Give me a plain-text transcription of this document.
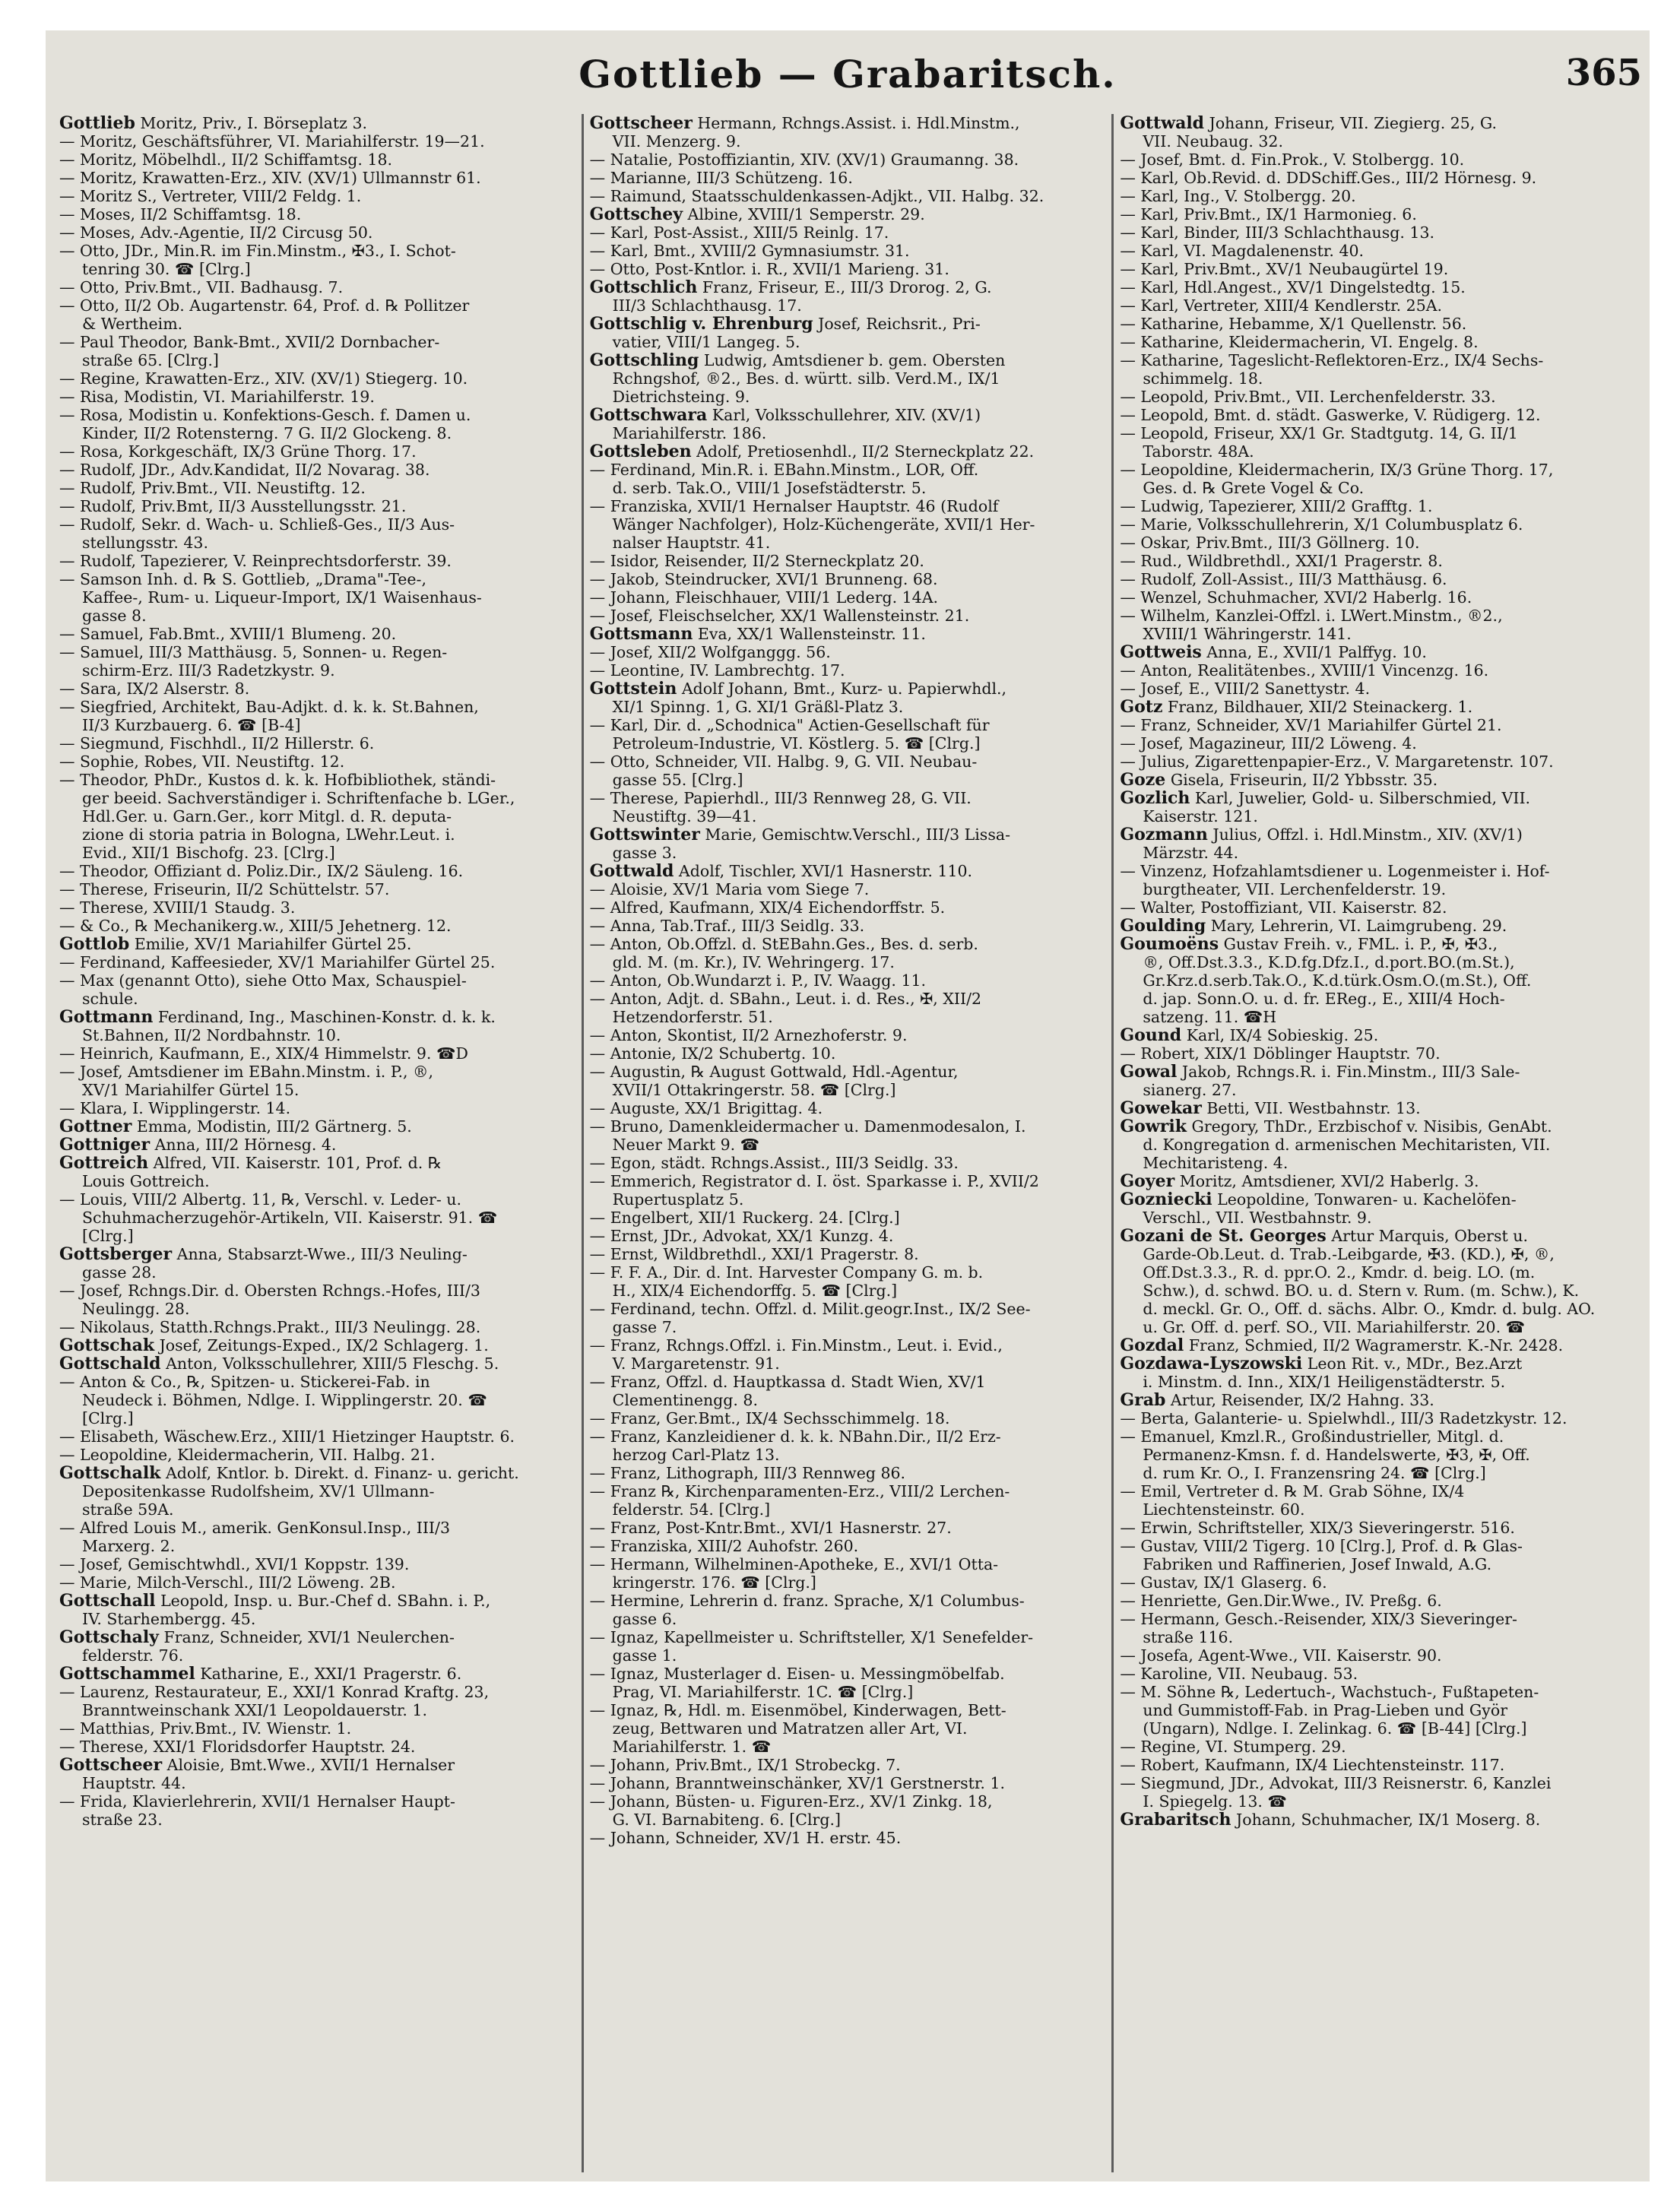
Gottlieb — Grabaritsch.	365
Gottlieb Moritz, Priv., I. Börseplatz 3.
— Moritz, Geschäftsführer, VI. Mariahilferstr. 19—21.
— Moritz, Möbelhdl., II/2 Schiffamtsg. 18.
— Moritz, Krawatten-Erz., XIV. (XV/1) Ullmannstr 61.
— Moritz S., Vertreter, VIII/2 Feldg. 1.
— Moses, II/2 Schiffamtsg. 18.
— Moses, Adv.-Agentie, II/2 Circusg 50.
— Otto, JDr., Min.R. im Fin.Minstm., ✠3., I. Schot-
tenring 30. ☎ [Clrg.]
— Otto, Priv.Bmt., VII. Badhausg. 7.
— Otto, II/2 Ob. Augartenstr. 64, Prof. d. ℞ Pollitzer
& Wertheim.
— Paul Theodor, Bank-Bmt., XVII/2 Dornbacher-
straße 65. [Clrg.]
— Regine, Krawatten-Erz., XIV. (XV/1) Stiegerg. 10.
— Risa, Modistin, VI. Mariahilferstr. 19.
— Rosa, Modistin u. Konfektions-Gesch. f. Damen u.
Kinder, II/2 Rotensterng. 7 G. II/2 Glockeng. 8.
— Rosa, Korkgeschäft, IX/3 Grüne Thorg. 17.
— Rudolf, JDr., Adv.Kandidat, II/2 Novarag. 38.
— Rudolf, Priv.Bmt., VII. Neustiftg. 12.
— Rudolf, Priv.Bmt, II/3 Ausstellungsstr. 21.
— Rudolf, Sekr. d. Wach- u. Schließ-Ges., II/3 Aus-
stellungsstr. 43.
— Rudolf, Tapezierer, V. Reinprechtsdorferstr. 39.
— Samson Inh. d. ℞ S. Gottlieb, „Drama"-Tee-,
Kaffee-, Rum- u. Liqueur-Import, IX/1 Waisenhaus-
gasse 8.
— Samuel, Fab.Bmt., XVIII/1 Blumeng. 20.
— Samuel, III/3 Matthäusg. 5, Sonnen- u. Regen-
schirm-Erz. III/3 Radetzkystr. 9.
— Sara, IX/2 Alserstr. 8.
— Siegfried, Architekt, Bau-Adjkt. d. k. k. St.Bahnen,
II/3 Kurzbauerg. 6. ☎ [B-4]
— Siegmund, Fischhdl., II/2 Hillerstr. 6.
— Sophie, Robes, VII. Neustiftg. 12.
— Theodor, PhDr., Kustos d. k. k. Hofbibliothek, ständi-
ger beeid. Sachverständiger i. Schriftenfache b. LGer.,
Hdl.Ger. u. Garn.Ger., korr Mitgl. d. R. deputa-
zione di storia patria in Bologna, LWehr.Leut. i.
Evid., XII/1 Bischofg. 23. [Clrg.]
— Theodor, Offiziant d. Poliz.Dir., IX/2 Säuleng. 16.
— Therese, Friseurin, II/2 Schüttelstr. 57.
— Therese, XVIII/1 Staudg. 3.
— & Co., ℞ Mechanikerg.w., XIII/5 Jehetnerg. 12.
Gottlob Emilie, XV/1 Mariahilfer Gürtel 25.
— Ferdinand, Kaffeesieder, XV/1 Mariahilfer Gürtel 25.
— Max (genannt Otto), siehe Otto Max, Schauspiel-
schule.
Gottmann Ferdinand, Ing., Maschinen-Konstr. d. k. k.
St.Bahnen, II/2 Nordbahnstr. 10.
— Heinrich, Kaufmann, E., XIX/4 Himmelstr. 9. ☎D
— Josef, Amtsdiener im EBahn.Minstm. i. P., ®,
XV/1 Mariahilfer Gürtel 15.
— Klara, I. Wipplingerstr. 14.
Gottner Emma, Modistin, III/2 Gärtnerg. 5.
Gottniger Anna, III/2 Hörnesg. 4.
Gottreich Alfred, VII. Kaiserstr. 101, Prof. d. ℞
Louis Gottreich.
— Louis, VIII/2 Albertg. 11, ℞, Verschl. v. Leder- u.
Schuhmacherzugehör-Artikeln, VII. Kaiserstr. 91. ☎
[Clrg.]
Gottsberger Anna, Stabsarzt-Wwe., III/3 Neuling-
gasse 28.
— Josef, Rchngs.Dir. d. Obersten Rchngs.-Hofes, III/3
Neulingg. 28.
— Nikolaus, Statth.Rchngs.Prakt., III/3 Neulingg. 28.
Gottschak Josef, Zeitungs-Exped., IX/2 Schlagerg. 1.
Gottschald Anton, Volksschullehrer, XIII/5 Fleschg. 5.
— Anton & Co., ℞, Spitzen- u. Stickerei-Fab. in
Neudeck i. Böhmen, Ndlge. I. Wipplingerstr. 20. ☎
[Clrg.]
— Elisabeth, Wäschew.Erz., XIII/1 Hietzinger Hauptstr. 6.
— Leopoldine, Kleidermacherin, VII. Halbg. 21.
Gottschalk Adolf, Kntlor. b. Direkt. d. Finanz- u. gericht.
Depositenkasse Rudolfsheim, XV/1 Ullmann-
straße 59A.
— Alfred Louis M., amerik. GenKonsul.Insp., III/3
Marxerg. 2.
— Josef, Gemischtwhdl., XVI/1 Koppstr. 139.
— Marie, Milch-Verschl., III/2 Löweng. 2B.
Gottschall Leopold, Insp. u. Bur.-Chef d. SBahn. i. P.,
IV. Starhembergg. 45.
Gottschaly Franz, Schneider, XVI/1 Neulerchen-
felderstr. 76.
Gottschammel Katharine, E., XXI/1 Pragerstr. 6.
— Laurenz, Restaurateur, E., XXI/1 Konrad Kraftg. 23,
Branntweinschank XXI/1 Leopoldauerstr. 1.
— Matthias, Priv.Bmt., IV. Wienstr. 1.
— Therese, XXI/1 Floridsdorfer Hauptstr. 24.
Gottscheer Aloisie, Bmt.Wwe., XVII/1 Hernalser
Hauptstr. 44.
— Frida, Klavierlehrerin, XVII/1 Hernalser Haupt-
straße 23.
Gottscheer Hermann, Rchngs.Assist. i. Hdl.Minstm.,
VII. Menzerg. 9.
— Natalie, Postoffiziantin, XIV. (XV/1) Graumanng. 38.
— Marianne, III/3 Schützeng. 16.
— Raimund, Staatsschuldenkassen-Adjkt., VII. Halbg. 32.
Gottschey Albine, XVIII/1 Semperstr. 29.
— Karl, Post-Assist., XIII/5 Reinlg. 17.
— Karl, Bmt., XVIII/2 Gymnasiumstr. 31.
— Otto, Post-Kntlor. i. R., XVII/1 Marieng. 31.
Gottschlich Franz, Friseur, E., III/3 Drorog. 2, G.
III/3 Schlachthausg. 17.
Gottschlig v. Ehrenburg Josef, Reichsrit., Pri-
vatier, VIII/1 Langeg. 5.
Gottschling Ludwig, Amtsdiener b. gem. Obersten
Rchngshof, ®2., Bes. d. württ. silb. Verd.M., IX/1
Dietrichsteing. 9.
Gottschwara Karl, Volksschullehrer, XIV. (XV/1)
Mariahilferstr. 186.
Gottsleben Adolf, Pretiosenhdl., II/2 Sterneckplatz 22.
— Ferdinand, Min.R. i. EBahn.Minstm., LOR, Off.
d. serb. Tak.O., VIII/1 Josefstädterstr. 5.
— Franziska, XVII/1 Hernalser Hauptstr. 46 (Rudolf
Wänger Nachfolger), Holz-Küchengeräte, XVII/1 Her-
nalser Hauptstr. 41.
— Isidor, Reisender, II/2 Sterneckplatz 20.
— Jakob, Steindrucker, XVI/1 Brunneng. 68.
— Johann, Fleischhauer, VIII/1 Lederg. 14A.
— Josef, Fleischselcher, XX/1 Wallensteinstr. 21.
Gottsmann Eva, XX/1 Wallensteinstr. 11.
— Josef, XII/2 Wolfganggg. 56.
— Leontine, IV. Lambrechtg. 17.
Gottstein Adolf Johann, Bmt., Kurz- u. Papierwhdl.,
XI/1 Spinng. 1, G. XI/1 Gräßl-Platz 3.
— Karl, Dir. d. „Schodnica" Actien-Gesellschaft für
Petroleum-Industrie, VI. Köstlerg. 5. ☎ [Clrg.]
— Otto, Schneider, VII. Halbg. 9, G. VII. Neubau-
gasse 55. [Clrg.]
— Therese, Papierhdl., III/3 Rennweg 28, G. VII.
Neustiftg. 39—41.
Gottswinter Marie, Gemischtw.Verschl., III/3 Lissa-
gasse 3.
Gottwald Adolf, Tischler, XVI/1 Hasnerstr. 110.
— Aloisie, XV/1 Maria vom Siege 7.
— Alfred, Kaufmann, XIX/4 Eichendorffstr. 5.
— Anna, Tab.Traf., III/3 Seidlg. 33.
— Anton, Ob.Offzl. d. StEBahn.Ges., Bes. d. serb.
gld. M. (m. Kr.), IV. Wehringerg. 17.
— Anton, Ob.Wundarzt i. P., IV. Waagg. 11.
— Anton, Adjt. d. SBahn., Leut. i. d. Res., ✠, XII/2
Hetzendorferstr. 51.
— Anton, Skontist, II/2 Arnezhoferstr. 9.
— Antonie, IX/2 Schubertg. 10.
— Augustin, ℞ August Gottwald, Hdl.-Agentur,
XVII/1 Ottakringerstr. 58. ☎ [Clrg.]
— Auguste, XX/1 Brigittag. 4.
— Bruno, Damenkleidermacher u. Damenmodesalon, I.
Neuer Markt 9. ☎
— Egon, städt. Rchngs.Assist., III/3 Seidlg. 33.
— Emmerich, Registrator d. I. öst. Sparkasse i. P., XVII/2
Rupertusplatz 5.
— Engelbert, XII/1 Ruckerg. 24. [Clrg.]
— Ernst, JDr., Advokat, XX/1 Kunzg. 4.
— Ernst, Wildbrethdl., XXI/1 Pragerstr. 8.
— F. F. A., Dir. d. Int. Harvester Company G. m. b.
H., XIX/4 Eichendorffg. 5. ☎ [Clrg.]
— Ferdinand, techn. Offzl. d. Milit.geogr.Inst., IX/2 See-
gasse 7.
— Franz, Rchngs.Offzl. i. Fin.Minstm., Leut. i. Evid.,
V. Margaretenstr. 91.
— Franz, Offzl. d. Hauptkassa d. Stadt Wien, XV/1
Clementinengg. 8.
— Franz, Ger.Bmt., IX/4 Sechsschimmelg. 18.
— Franz, Kanzleidiener d. k. k. NBahn.Dir., II/2 Erz-
herzog Carl-Platz 13.
— Franz, Lithograph, III/3 Rennweg 86.
— Franz ℞, Kirchenparamenten-Erz., VIII/2 Lerchen-
felderstr. 54. [Clrg.]
— Franz, Post-Kntr.Bmt., XVI/1 Hasnerstr. 27.
— Franziska, XIII/2 Auhofstr. 260.
— Hermann, Wilhelminen-Apotheke, E., XVI/1 Otta-
kringerstr. 176. ☎ [Clrg.]
— Hermine, Lehrerin d. franz. Sprache, X/1 Columbus-
gasse 6.
— Ignaz, Kapellmeister u. Schriftsteller, X/1 Senefelder-
gasse 1.
— Ignaz, Musterlager d. Eisen- u. Messingmöbelfab.
Prag, VI. Mariahilferstr. 1C. ☎ [Clrg.]
— Ignaz, ℞, Hdl. m. Eisenmöbel, Kinderwagen, Bett-
zeug, Bettwaren und Matratzen aller Art, VI.
Mariahilferstr. 1. ☎
— Johann, Priv.Bmt., IX/1 Strobeckg. 7.
— Johann, Branntweinschänker, XV/1 Gerstnerstr. 1.
— Johann, Büsten- u. Figuren-Erz., XV/1 Zinkg. 18,
G. VI. Barnabiteng. 6. [Clrg.]
— Johann, Schneider, XV/1 H. erstr. 45.
Gottwald Johann, Friseur, VII. Ziegierg. 25, G.
VII. Neubaug. 32.
— Josef, Bmt. d. Fin.Prok., V. Stolbergg. 10.
— Karl, Ob.Revid. d. DDSchiff.Ges., III/2 Hörnesg. 9.
— Karl, Ing., V. Stolbergg. 20.
— Karl, Priv.Bmt., IX/1 Harmonieg. 6.
— Karl, Binder, III/3 Schlachthausg. 13.
— Karl, VI. Magdalenenstr. 40.
— Karl, Priv.Bmt., XV/1 Neubaugürtel 19.
— Karl, Hdl.Angest., XV/1 Dingelstedtg. 15.
— Karl, Vertreter, XIII/4 Kendlerstr. 25A.
— Katharine, Hebamme, X/1 Quellenstr. 56.
— Katharine, Kleidermacherin, VI. Engelg. 8.
— Katharine, Tageslicht-Reflektoren-Erz., IX/4 Sechs-
schimmelg. 18.
— Leopold, Priv.Bmt., VII. Lerchenfelderstr. 33.
— Leopold, Bmt. d. städt. Gaswerke, V. Rüdigerg. 12.
— Leopold, Friseur, XX/1 Gr. Stadtgutg. 14, G. II/1
Taborstr. 48A.
— Leopoldine, Kleidermacherin, IX/3 Grüne Thorg. 17,
Ges. d. ℞ Grete Vogel & Co.
— Ludwig, Tapezierer, XIII/2 Grafftg. 1.
— Marie, Volksschullehrerin, X/1 Columbusplatz 6.
— Oskar, Priv.Bmt., III/3 Göllnerg. 10.
— Rud., Wildbrethdl., XXI/1 Pragerstr. 8.
— Rudolf, Zoll-Assist., III/3 Matthäusg. 6.
— Wenzel, Schuhmacher, XVI/2 Haberlg. 16.
— Wilhelm, Kanzlei-Offzl. i. LWert.Minstm., ®2.,
XVIII/1 Währingerstr. 141.
Gottweis Anna, E., XVII/1 Palffyg. 10.
— Anton, Realitätenbes., XVIII/1 Vincenzg. 16.
— Josef, E., VIII/2 Sanettystr. 4.
Gotz Franz, Bildhauer, XII/2 Steinackerg. 1.
— Franz, Schneider, XV/1 Mariahilfer Gürtel 21.
— Josef, Magazineur, III/2 Löweng. 4.
— Julius, Zigarettenpapier-Erz., V. Margaretenstr. 107.
Goze Gisela, Friseurin, II/2 Ybbsstr. 35.
Gozlich Karl, Juwelier, Gold- u. Silberschmied, VII.
Kaiserstr. 121.
Gozmann Julius, Offzl. i. Hdl.Minstm., XIV. (XV/1)
Märzstr. 44.
— Vinzenz, Hofzahlamtsdiener u. Logenmeister i. Hof-
burgtheater, VII. Lerchenfelderstr. 19.
— Walter, Postoffiziant, VII. Kaiserstr. 82.
Goulding Mary, Lehrerin, VI. Laimgrubeng. 29.
Goumoëns Gustav Freih. v., FML. i. P., ✠, ✠3.,
®, Off.Dst.3.3., K.D.fg.Dfz.I., d.port.BO.(m.St.),
Gr.Krz.d.serb.Tak.O., K.d.türk.Osm.O.(m.St.), Off.
d. jap. Sonn.O. u. d. fr. EReg., E., XIII/4 Hoch-
satzeng. 11. ☎H
Gound Karl, IX/4 Sobieskig. 25.
— Robert, XIX/1 Döblinger Hauptstr. 70.
Gowal Jakob, Rchngs.R. i. Fin.Minstm., III/3 Sale-
sianerg. 27.
Gowekar Betti, VII. Westbahnstr. 13.
Gowrik Gregory, ThDr., Erzbischof v. Nisibis, GenAbt.
d. Kongregation d. armenischen Mechitaristen, VII.
Mechitaristeng. 4.
Goyer Moritz, Amtsdiener, XVI/2 Haberlg. 3.
Gozniecki Leopoldine, Tonwaren- u. Kachelöfen-
Verschl., VII. Westbahnstr. 9.
Gozani de St. Georges Artur Marquis, Oberst u.
Garde-Ob.Leut. d. Trab.-Leibgarde, ✠3. (KD.), ✠, ®,
Off.Dst.3.3., R. d. ppr.O. 2., Kmdr. d. beig. LO. (m.
Schw.), d. schwd. BO. u. d. Stern v. Rum. (m. Schw.), K.
d. meckl. Gr. O., Off. d. sächs. Albr. O., Kmdr. d. bulg. AO.
u. Gr. Off. d. perf. SO., VII. Mariahilferstr. 20. ☎
Gozdal Franz, Schmied, II/2 Wagramerstr. K.-Nr. 2428.
Gozdawa-Lyszowski Leon Rit. v., MDr., Bez.Arzt
i. Minstm. d. Inn., XIX/1 Heiligenstädterstr. 5.
Grab Artur, Reisender, IX/2 Hahng. 33.
— Berta, Galanterie- u. Spielwhdl., III/3 Radetzkystr. 12.
— Emanuel, Kmzl.R., Großindustrieller, Mitgl. d.
Permanenz-Kmsn. f. d. Handelswerte, ✠3, ✠, Off.
d. rum Kr. O., I. Franzensring 24. ☎ [Clrg.]
— Emil, Vertreter d. ℞ M. Grab Söhne, IX/4
Liechtensteinstr. 60.
— Erwin, Schriftsteller, XIX/3 Sieveringerstr. 516.
— Gustav, VIII/2 Tigerg. 10 [Clrg.], Prof. d. ℞ Glas-
Fabriken und Raffinerien, Josef Inwald, A.G.
— Gustav, IX/1 Glaserg. 6.
— Henriette, Gen.Dir.Wwe., IV. Preßg. 6.
— Hermann, Gesch.-Reisender, XIX/3 Sieveringer-
straße 116.
— Josefa, Agent-Wwe., VII. Kaiserstr. 90.
— Karoline, VII. Neubaug. 53.
— M. Söhne ℞, Ledertuch-, Wachstuch-, Fußtapeten-
und Gummistoff-Fab. in Prag-Lieben und Györ
(Ungarn), Ndlge. I. Zelinkag. 6. ☎ [B-44] [Clrg.]
— Regine, VI. Stumperg. 29.
— Robert, Kaufmann, IX/4 Liechtensteinstr. 117.
— Siegmund, JDr., Advokat, III/3 Reisnerstr. 6, Kanzlei
I. Spiegelg. 13. ☎
Grabaritsch Johann, Schuhmacher, IX/1 Moserg. 8.
